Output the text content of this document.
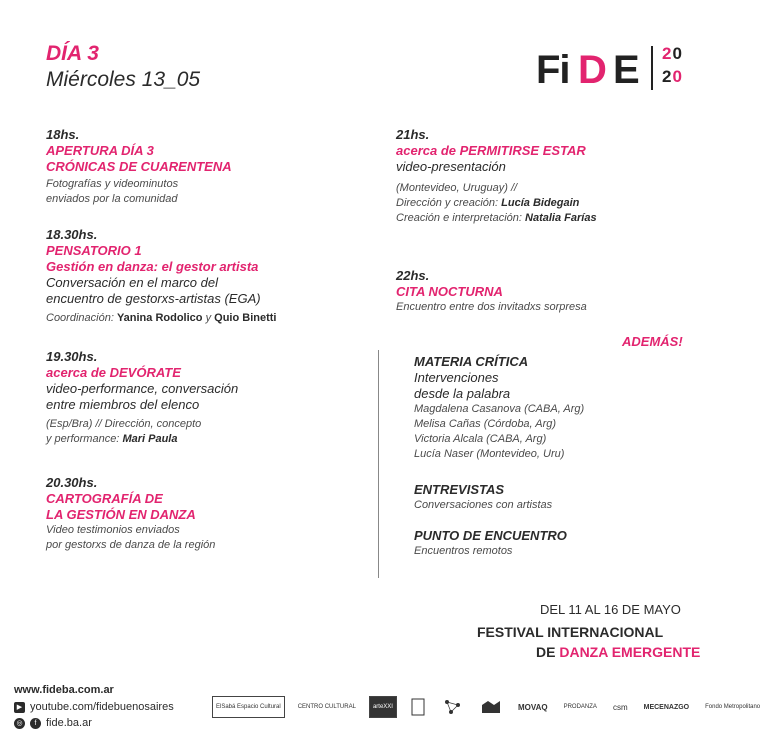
DÍA 3
Miércoles 13_05	Fi D E 20
20
18hs.
APERTURA DÍA 3
CRÓNICAS DE CUARENTENA
Fotografías y videominutos
enviados por la comunidad
18.30hs.
PENSATORIO 1
Gestión en danza: el gestor artista
Conversación en el marco del
encuentro de gestorxs-artistas (EGA)
Coordinación: Yanina Rodolico y Quio Binetti
19.30hs.
acerca de DEVÓRATE
video-performance, conversación
entre miembros del elenco
(Esp/Bra) // Dirección, concepto
y performance: Mari Paula
20.30hs.
CARTOGRAFÍA DE
LA GESTIÓN EN DANZA
Video testimonios enviados
por gestorxs de danza de la región
21hs.
acerca de PERMITIRSE ESTAR
video-presentación
(Montevideo, Uruguay) //
Dirección y creación: Lucía Bidegain
Creación e interpretación: Natalia Farías
22hs.
CITA NOCTURNA
Encuentro entre dos invitadxs sorpresa
ADEMÁS!
MATERIA CRÍTICA
Intervenciones
desde la palabra
Magdalena Casanova (CABA, Arg)
Melisa Cañas (Córdoba, Arg)
Victoria Alcala (CABA, Arg)
Lucía Naser (Montevideo, Uru)
ENTREVISTAS
Conversaciones con artistas
PUNTO DE ENCUENTRO
Encuentros remotos
DEL 11 AL 16 DE MAYO
FESTIVAL INTERNACIONAL
DE DANZA EMERGENTE
www.fideba.com.ar
▶ youtube.com/fidebuenosaires
◎	f fide.ba.ar
ElSabá Espacio Cultural	CENTRO CULTURAL	arteXXI	MOVAQ	PRODANZA	csm	MECENAZGO	Fondo Metropolitano
